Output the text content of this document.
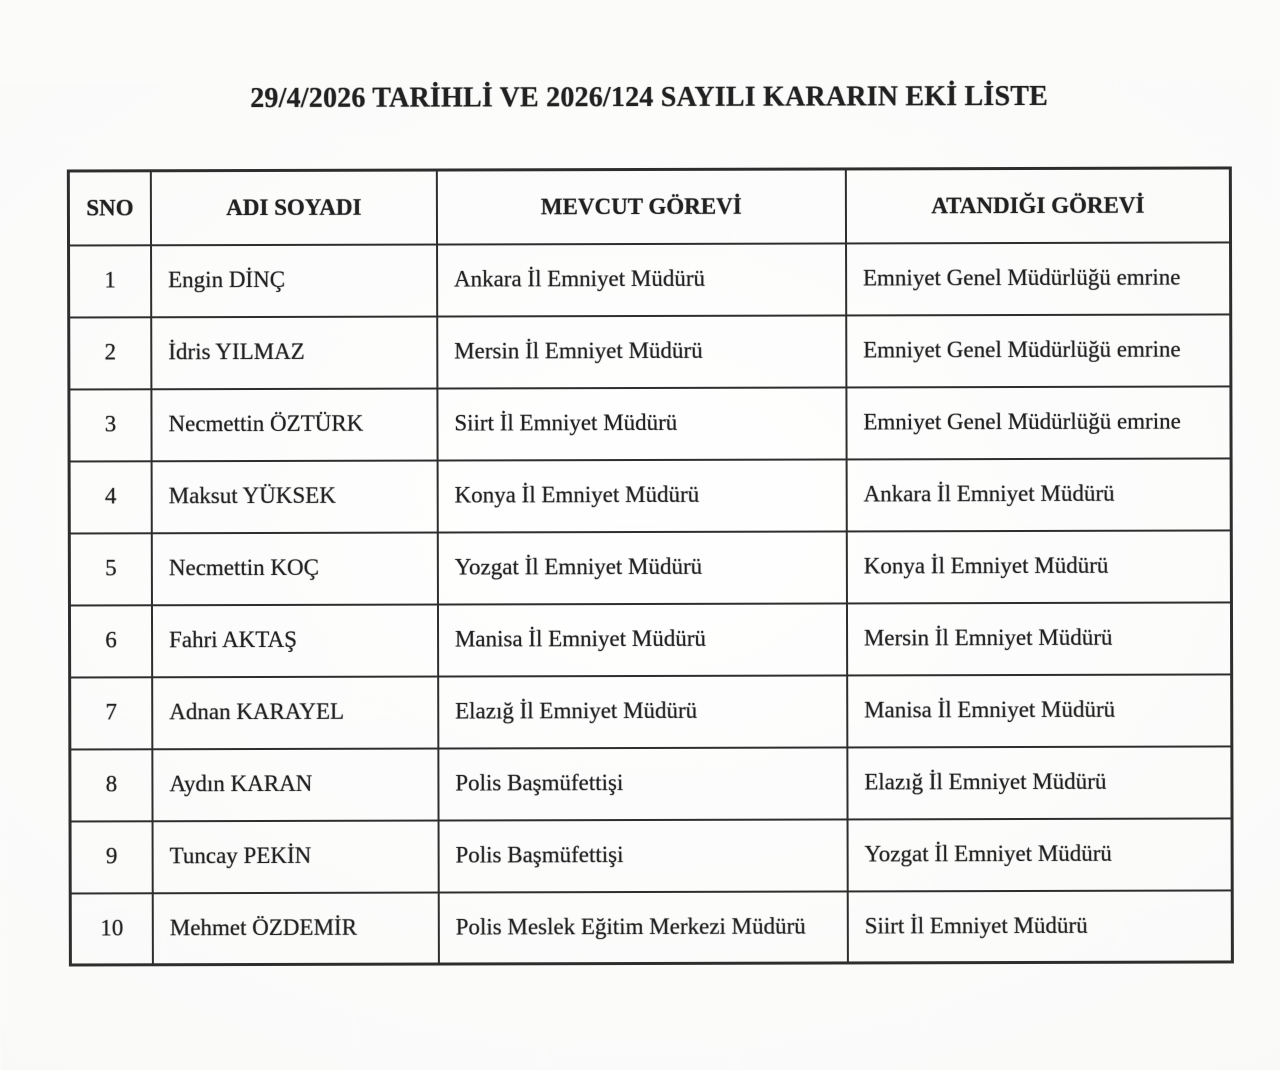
29/4/2026 TARİHLİ VE 2026/124 SAYILI KARARIN EKİ LİSTE
SNO	ADI SOYADI	MEVCUT GÖREVİ	ATANDIĞI GÖREVİ
1	Engin DİNÇ	Ankara İl Emniyet Müdürü	Emniyet Genel Müdürlüğü emrine
2	İdris YILMAZ	Mersin İl Emniyet Müdürü	Emniyet Genel Müdürlüğü emrine
3	Necmettin ÖZTÜRK	Siirt İl Emniyet Müdürü	Emniyet Genel Müdürlüğü emrine
4	Maksut YÜKSEK	Konya İl Emniyet Müdürü	Ankara İl Emniyet Müdürü
5	Necmettin KOÇ	Yozgat İl Emniyet Müdürü	Konya İl Emniyet Müdürü
6	Fahri AKTAŞ	Manisa İl Emniyet Müdürü	Mersin İl Emniyet Müdürü
7	Adnan KARAYEL	Elazığ İl Emniyet Müdürü	Manisa İl Emniyet Müdürü
8	Aydın KARAN	Polis Başmüfettişi	Elazığ İl Emniyet Müdürü
9	Tuncay PEKİN	Polis Başmüfettişi	Yozgat İl Emniyet Müdürü
10	Mehmet ÖZDEMİR	Polis Meslek Eğitim Merkezi Müdürü	Siirt İl Emniyet Müdürü
